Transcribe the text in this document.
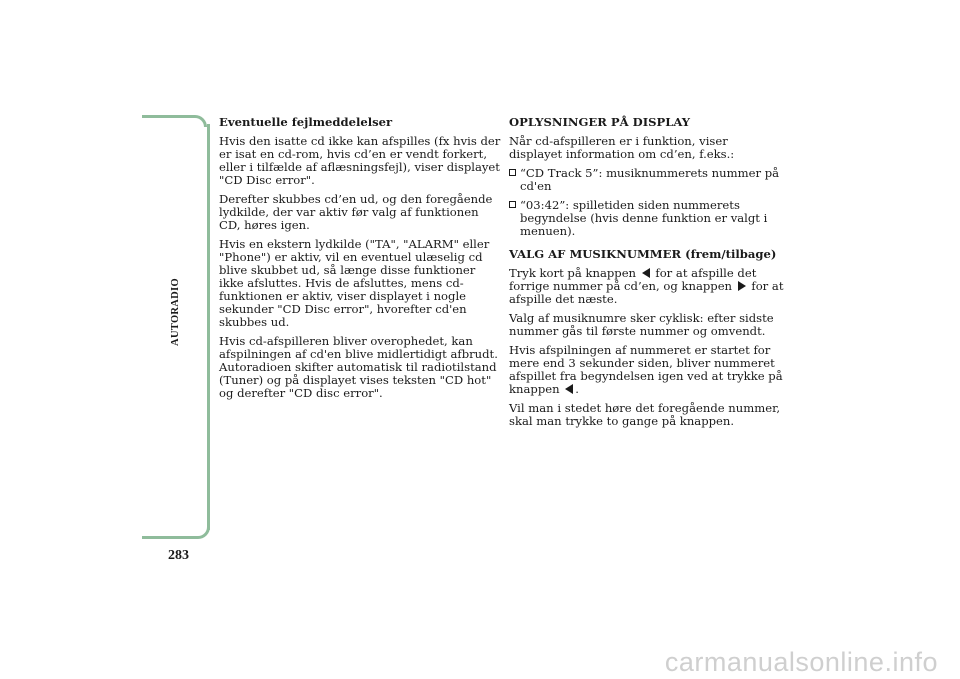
AUTORADIO
283
Eventuelle fejlmeddelelser
Hvis den isatte cd ikke kan afspilles (fx hvis der er isat en cd-rom, hvis cd’en er vendt forkert, eller i tilfælde af aflæsningsfejl), viser displayet "CD Disc error".
Derefter skubbes cd’en ud, og den foregående lydkilde, der var aktiv før valg af funktionen CD, høres igen.
Hvis en ekstern lydkilde ("TA", "ALARM" eller "Phone") er aktiv, vil en eventuel ulæselig cd blive skubbet ud, så længe disse funktioner ikke afsluttes. Hvis de afsluttes, mens cd-funktionen er aktiv, viser displayet i nogle sekunder "CD Disc error", hvorefter cd'en skubbes ud.
Hvis cd-afspilleren bliver overophedet, kan afspilningen af cd'en blive midlertidigt afbrudt. Autoradioen skifter automatisk til radiotilstand (Tuner) og på displayet vises teksten "CD hot" og derefter "CD disc error".
OPLYSNINGER PÅ DISPLAY
Når cd-afspilleren er i funktion, viser displayet information om cd’en, f.eks.:
“CD Track 5”: musiknummerets nummer på cd'en
“03:42”: spilletiden siden nummerets begyndelse (hvis denne funktion er valgt i menuen).
VALG AF MUSIKNUMMER (frem/tilbage)
Tryk kort på knappen for at afspille det forrige nummer på cd’en, og knappen for at afspille det næste.
Valg af musiknumre sker cyklisk: efter sidste nummer gås til første nummer og omvendt.
Hvis afspilningen af nummeret er startet for mere end 3 sekunder siden, bliver nummeret afspillet fra begyndelsen igen ved at trykke på knappen .
Vil man i stedet høre det foregående nummer, skal man trykke to gange på knappen.
carmanualsonline.info
